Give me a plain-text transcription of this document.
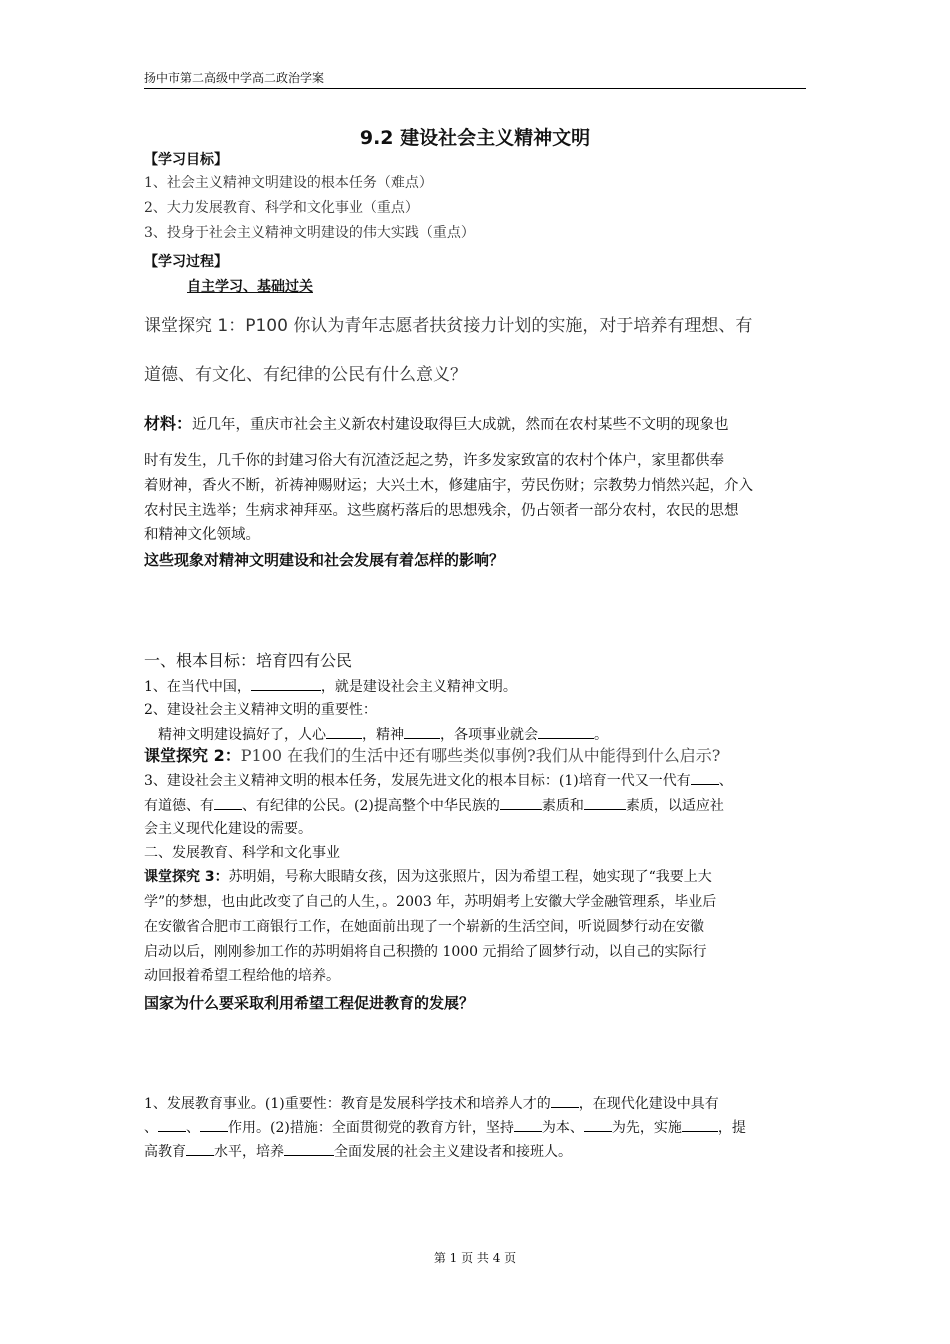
扬中市第二高级中学高二政治学案
9.2 建设社会主义精神文明
【学习目标】
1、社会主义精神文明建设的根本任务（难点）
2、大力发展教育、科学和文化事业（重点）
3、投身于社会主义精神文明建设的伟大实践（重点）
【学习过程】
自主学习、基础过关
课堂探究 1：P100 你认为青年志愿者扶贫接力计划的实施，对于培养有理想、有
道德、有文化、有纪律的公民有什么意义？
材料：近几年，重庆市社会主义新农村建设取得巨大成就，然而在农村某些不文明的现象也
时有发生，几千你的封建习俗大有沉渣泛起之势，许多发家致富的农村个体户，家里都供奉
着财神，香火不断，祈祷神赐财运；大兴土木，修建庙宇，劳民伤财；宗教势力悄然兴起，介入
农村民主选举；生病求神拜巫。这些腐朽落后的思想残余，仍占领者一部分农村，农民的思想
和精神文化领域。
这些现象对精神文明建设和社会发展有着怎样的影响？
一、根本目标：培育四有公民
1、在当代中国，	，就是建设社会主义精神文明。
2、建设社会主义精神文明的重要性：
精神文明建设搞好了，人心	，精神	，各项事业就会	。
课堂探究 2：P100 在我们的生活中还有哪些类似事例?我们从中能得到什么启示?
3、建设社会主义精神文明的根本任务，发展先进文化的根本目标：(1)培育一代又一代有 、
有道德、有 、有纪律的公民。(2)提高整个中华民族的	素质和	素质，以适应社
会主义现代化建设的需要。
二、发展教育、科学和文化事业
课堂探究 3：苏明娟，号称大眼睛女孩，因为这张照片，因为希望工程，她实现了“我要上大
学”的梦想，也由此改变了自己的人生，。2003 年，苏明娟考上安徽大学金融管理系，毕业后
在安徽省合肥市工商银行工作，在她面前出现了一个崭新的生活空间，听说圆梦行动在安徽
启动以后，刚刚参加工作的苏明娟将自己积攒的 1000 元捐给了圆梦行动，以自己的实际行
动回报着希望工程给他的培养。
国家为什么要采取利用希望工程促进教育的发展？
1、发展教育事业。(1)重要性：教育是发展科学技术和培养人才的 ，在现代化建设中具有
、 、 作用。(2)措施：全面贯彻党的教育方针，坚持 为本、 为先，实施	，提
高教育 水平，培养	全面发展的社会主义建设者和接班人。
第 1 页 共 4 页
